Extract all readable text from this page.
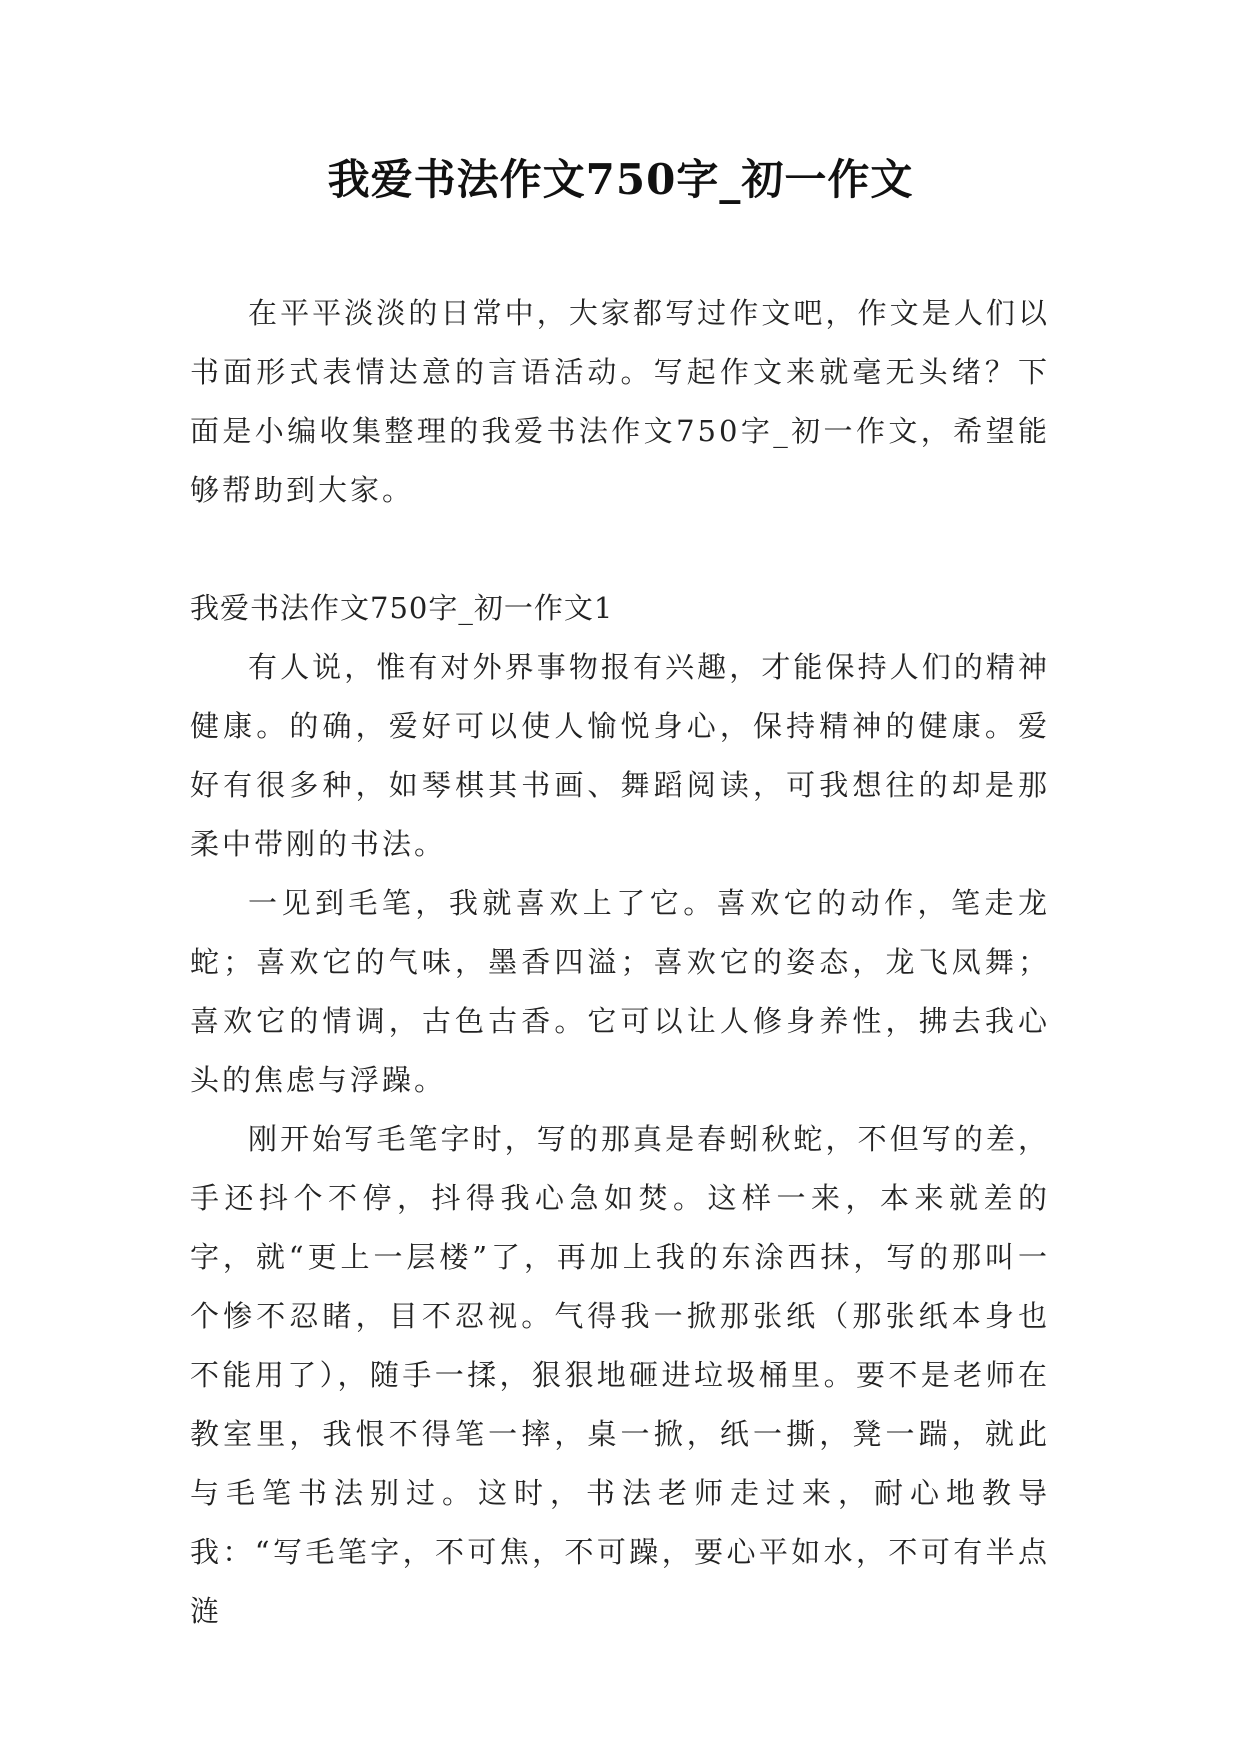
我爱书法作文750字_初一作文

在平平淡淡的日常中，大家都写过作文吧，作文是人们以书面形式表情达意的言语活动。写起作文来就毫无头绪？下面是小编收集整理的我爱书法作文750字_初一作文，希望能够帮助到大家。

我爱书法作文750字_初一作文1

有人说，惟有对外界事物报有兴趣，才能保持人们的精神健康。的确，爱好可以使人愉悦身心，保持精神的健康。爱好有很多种，如琴棋其书画、舞蹈阅读，可我想往的却是那柔中带刚的书法。

一见到毛笔，我就喜欢上了它。喜欢它的动作，笔走龙蛇；喜欢它的气味，墨香四溢；喜欢它的姿态，龙飞凤舞；喜欢它的情调，古色古香。它可以让人修身养性，拂去我心头的焦虑与浮躁。

刚开始写毛笔字时，写的那真是春蚓秋蛇，不但写的差，手还抖个不停，抖得我心急如焚。这样一来，本来就差的字，就“更上一层楼”了，再加上我的东涂西抹，写的那叫一个惨不忍睹，目不忍视。气得我一掀那张纸（那张纸本身也不能用了），随手一揉，狠狠地砸进垃圾桶里。要不是老师在教室里，我恨不得笔一摔，桌一掀，纸一撕，凳一踹，就此与毛笔书法别过。这时，书法老师走过来，耐心地教导我：“写毛笔字，不可焦，不可躁，要心平如水，不可有半点涟
